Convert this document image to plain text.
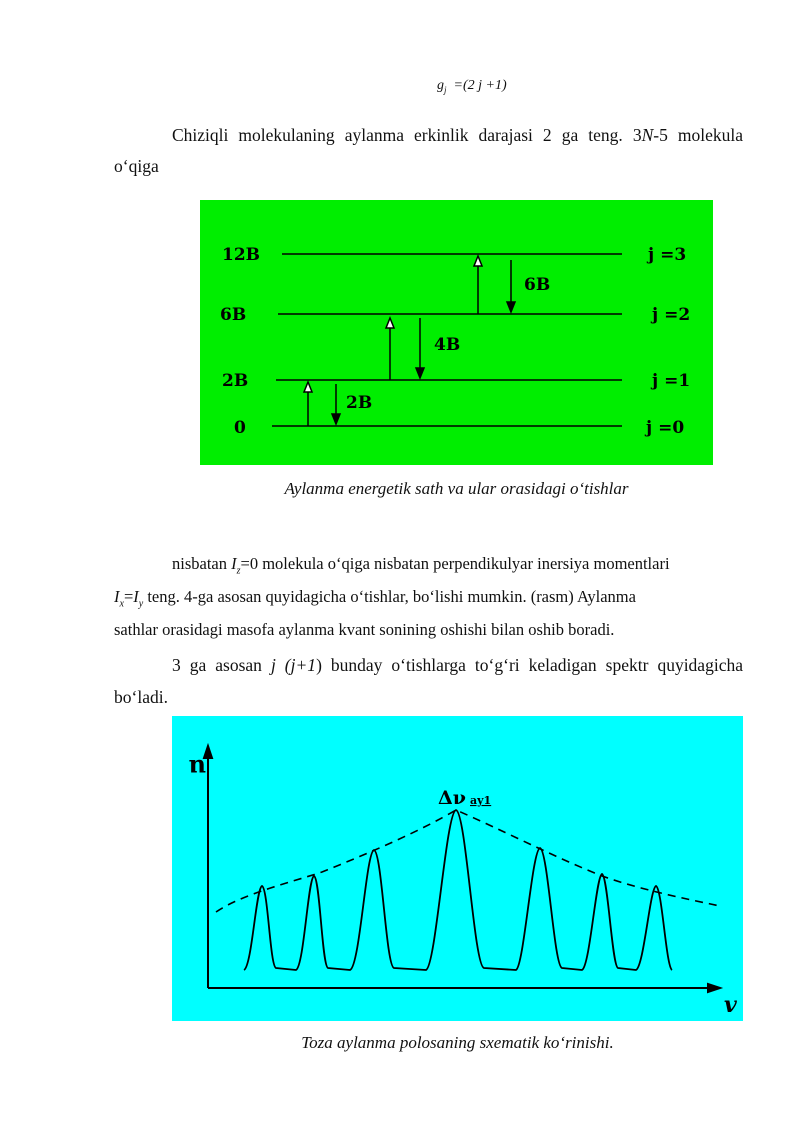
$g_j =(2$ j +1)
Chiziqli molekulaning aylanma erkinlik darajasi 2 ga teng. 3N-5 molekula
o‘qiga
12B
6B
2B
0
j =3
j =2
j =1
j =0
6B
4B
2B
Aylanma energetik sath va ular orasidagi o‘tishlar
nisbatan $I_z=0$ molekula o‘qiga nisbatan perpendikulyar inersiya momentlari
$I_x=I_y$ teng. 4-ga asosan quyidagicha o‘tishlar, bo‘lishi mumkin. (rasm) Aylanma
sathlar orasidagi masofa aylanma kvant sonining oshishi bilan oshib boradi.
3 ga asosan j (j+1) bunday o‘tishlarga to‘g‘ri keladigan spektr quyidagicha
bo‘ladi.
u
v
Δν ay1
Toza aylanma polosaning sxematik ko‘rinishi.
